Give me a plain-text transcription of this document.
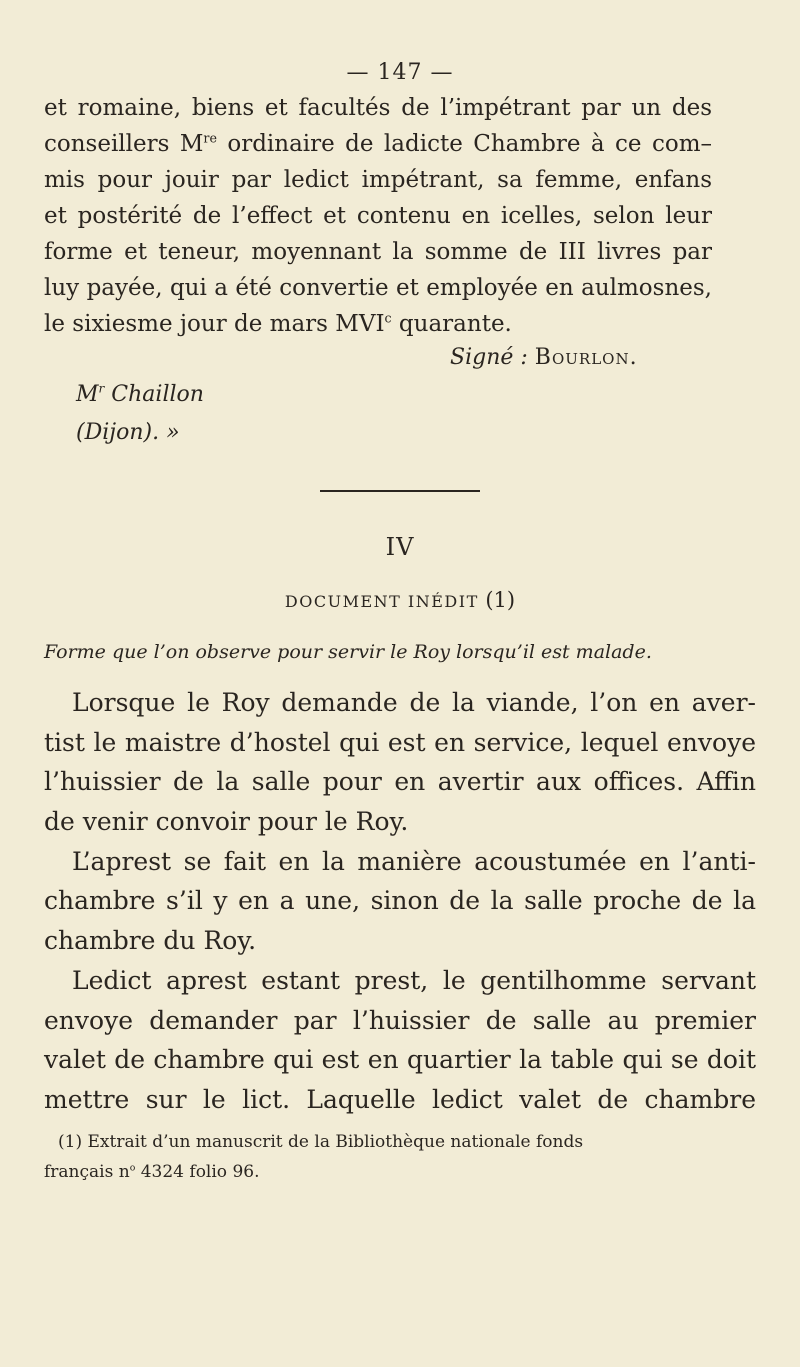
— 147 —
et romaine, biens et facultés de l’impétrant par un des
conseillers Mre ordinaire de ladicte Chambre à ce com–
mis pour jouir par ledict impétrant, sa femme, enfans
et postérité de l’effect et contenu en icelles, selon leur
forme et teneur, moyennant la somme de III livres par
luy payée, qui a été convertie et employée en aulmosnes,
le sixiesme jour de mars MVI$^c$ quarante.
Signé : Bourlon.
$M^r$ Chaillon
(Dijon). »
IV
DOCUMENT INÉDIT (1)
Forme que l’on observe pour servir le Roy lorsqu’il est malade.
Lorsque le Roy demande de la viande, l’on en aver-
tist le maistre d’hostel qui est en service, lequel envoye
l’huissier de la salle pour en avertir aux offices. Affin
de venir convoir pour le Roy.
L’aprest se fait en la manière acoustumée en l’anti-
chambre s’il y en a une, sinon de la salle proche de la
chambre du Roy.
Ledict aprest estant prest, le gentilhomme servant
envoye demander par l’huissier de salle au premier
valet de chambre qui est en quartier la table qui se doit
mettre sur le lict. Laquelle ledict valet de chambre
(1) Extrait d’un manuscrit de la Bibliothèque nationale fonds
français $n^o$ 4324 folio 96.
